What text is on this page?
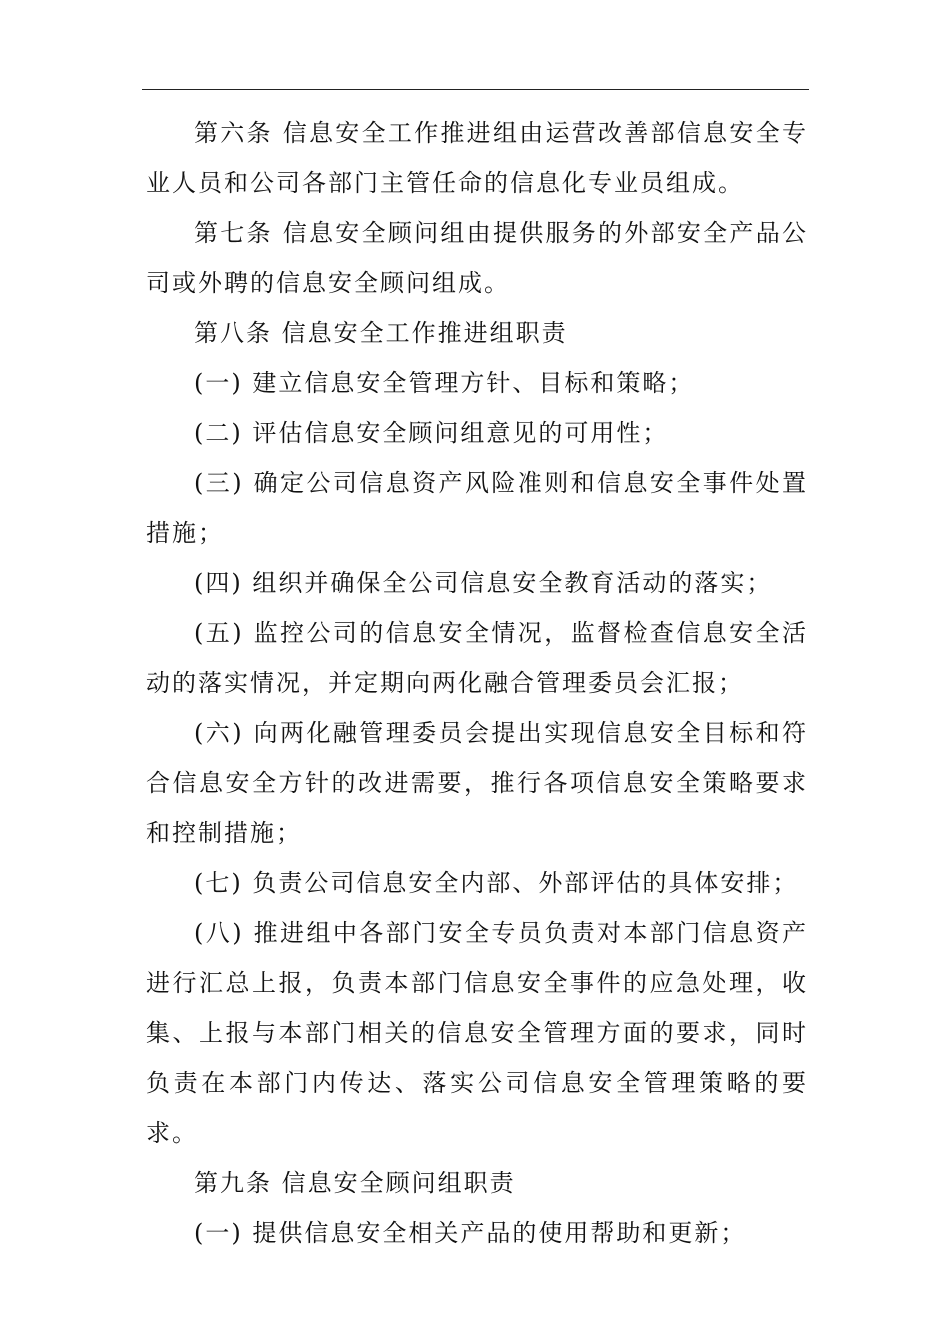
第六条 信息安全工作推进组由运营改善部信息安全专业人员和公司各部门主管任命的信息化专业员组成。

第七条 信息安全顾问组由提供服务的外部安全产品公司或外聘的信息安全顾问组成。

第八条 信息安全工作推进组职责

(一) 建立信息安全管理方针、目标和策略；

(二) 评估信息安全顾问组意见的可用性；

(三) 确定公司信息资产风险准则和信息安全事件处置措施；

(四) 组织并确保全公司信息安全教育活动的落实；

(五) 监控公司的信息安全情况，监督检查信息安全活动的落实情况，并定期向两化融合管理委员会汇报；

(六) 向两化融管理委员会提出实现信息安全目标和符合信息安全方针的改进需要，推行各项信息安全策略要求和控制措施；

(七) 负责公司信息安全内部、外部评估的具体安排；

(八) 推进组中各部门安全专员负责对本部门信息资产进行汇总上报，负责本部门信息安全事件的应急处理，收集、上报与本部门相关的信息安全管理方面的要求，同时负责在本部门内传达、落实公司信息安全管理策略的要求。

第九条 信息安全顾问组职责

(一) 提供信息安全相关产品的使用帮助和更新；
